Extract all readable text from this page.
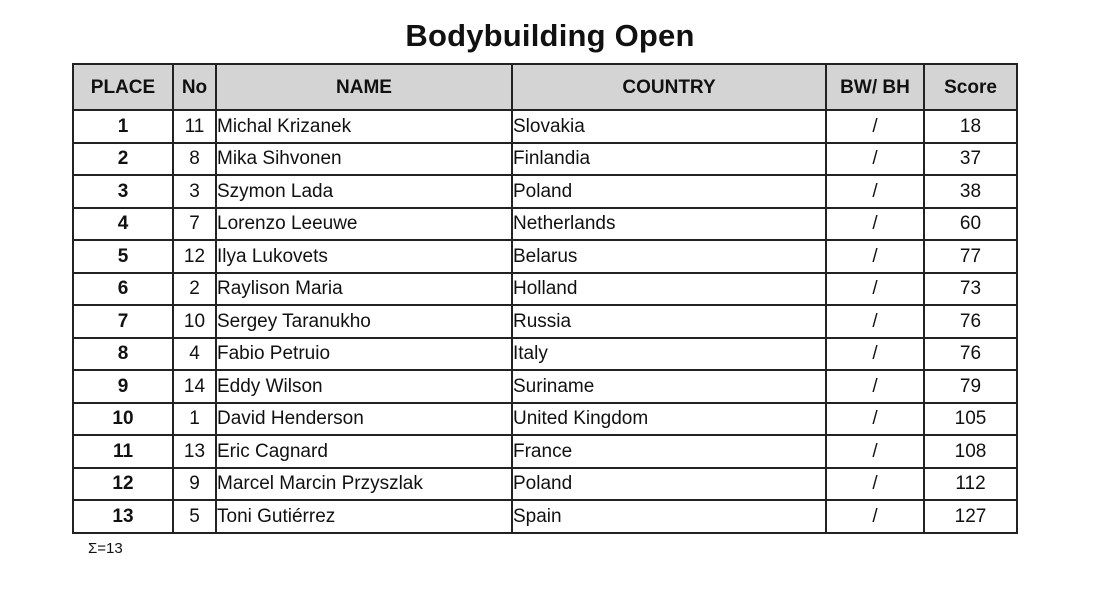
Bodybuilding Open
PLACE	No	NAME	COUNTRY	BW/ BH	Score
1	11	Michal Krizanek	Slovakia	/	18
2	8	Mika Sihvonen	Finlandia	/	37
3	3	Szymon Lada	Poland	/	38
4	7	Lorenzo Leeuwe	Netherlands	/	60
5	12	Ilya Lukovets	Belarus	/	77
6	2	Raylison Maria	Holland	/	73
7	10	Sergey Taranukho	Russia	/	76
8	4	Fabio Petruio	Italy	/	76
9	14	Eddy Wilson	Suriname	/	79
10	1	David Henderson	United Kingdom	/	105
11	13	Eric Cagnard	France	/	108
12	9	Marcel Marcin Przyszlak	Poland	/	112
13	5	Toni Gutiérrez	Spain	/	127
Σ=13
